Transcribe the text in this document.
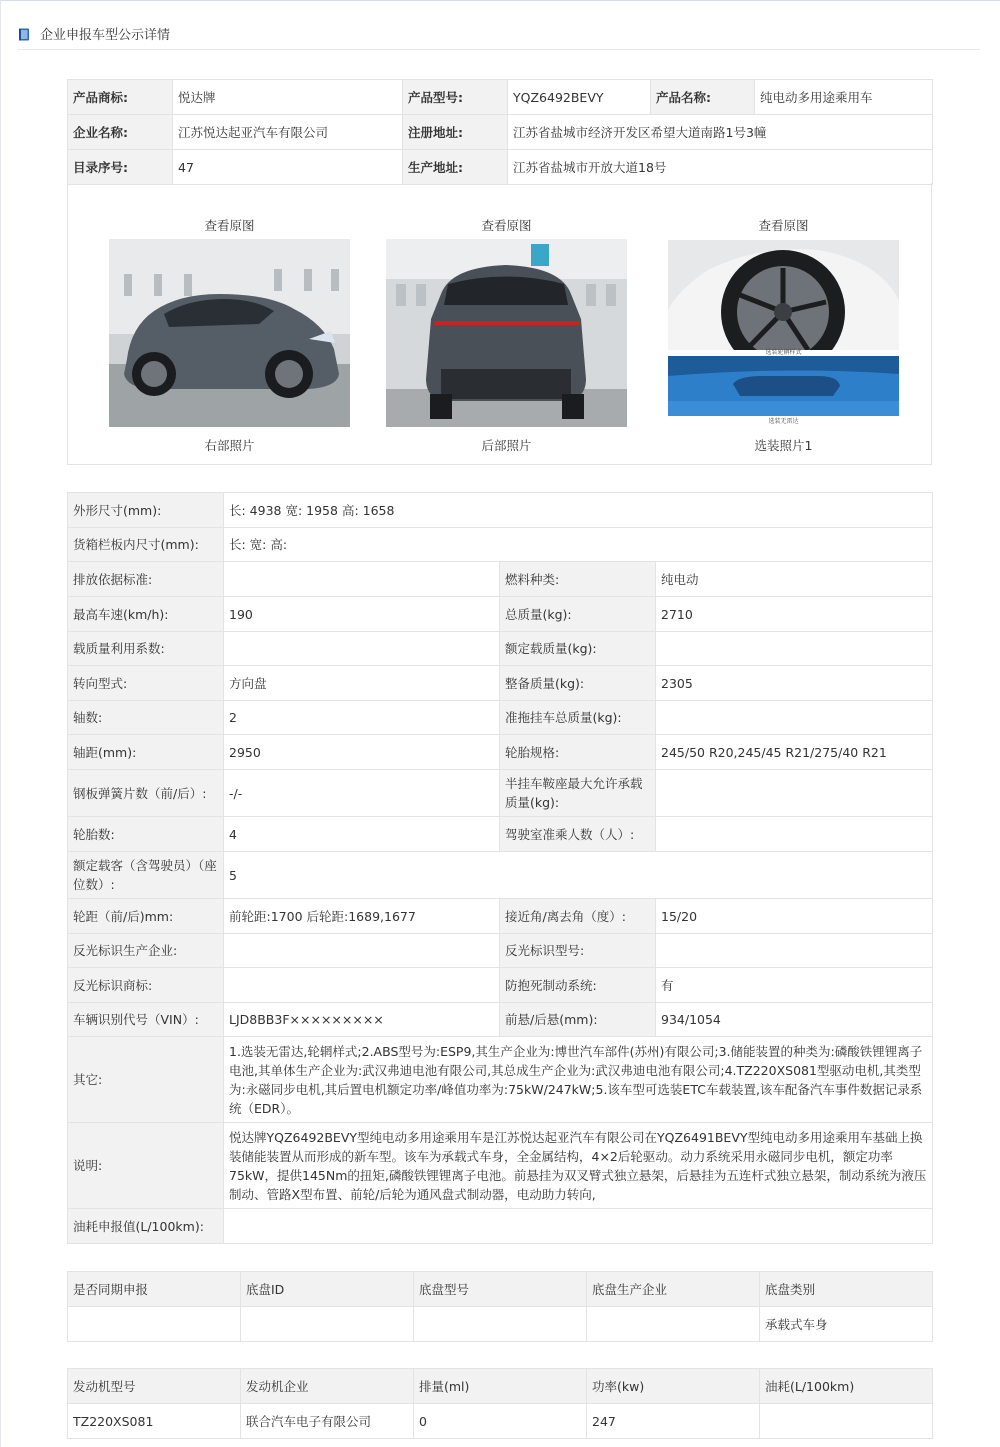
企业申报车型公示详情
产品商标:	悦达牌	产品型号:	YQZ6492BEVY	产品名称:	纯电动多用途乘用车
企业名称:	江苏悦达起亚汽车有限公司	注册地址:	江苏省盐城市经济开发区希望大道南路1号3幢		
目录序号:	47	生产地址:	江苏省盐城市开放大道18号		
查看原图
右部照片
查看原图
后部照片
查看原图
选装轮辋样式
选装无雷达
选装照片1
外形尺寸(mm):	长: 4938 宽: 1958 高: 1658		
货箱栏板内尺寸(mm):	长: 宽: 高:		
排放依据标准:		燃料种类:	纯电动
最高车速(km/h):	190	总质量(kg):	2710
载质量利用系数:		额定载质量(kg):	
转向型式:	方向盘	整备质量(kg):	2305
轴数:	2	准拖挂车总质量(kg):	
轴距(mm):	2950	轮胎规格:	245/50 R20,245/45 R21/275/40 R21
钢板弹簧片数（前/后）:	-/-	半挂车鞍座最大允许承载质量(kg):	
轮胎数:	4	驾驶室准乘人数（人）:	
额定载客（含驾驶员）（座位数）:	5		
轮距（前/后)mm:	前轮距:1700 后轮距:1689,1677	接近角/离去角（度）:	15/20
反光标识生产企业:		反光标识型号:	
反光标识商标:		防抱死制动系统:	有
车辆识别代号（VIN）:	LJD8BB3F×××××××××	前悬/后悬(mm):	934/1054
其它:	1.选装无雷达,轮辋样式;2.ABS型号为:ESP9,其生产企业为:博世汽车部件(苏州)有限公司;3.储能装置的种类为:磷酸铁锂锂离子电池,其单体生产企业为:武汉弗迪电池有限公司,其总成生产企业为:武汉弗迪电池有限公司;4.TZ220XS081型驱动电机,其类型为:永磁同步电机,其后置电机额定功率/峰值功率为:75kW/247kW;5.该车型可选装ETC车载装置,该车配备汽车事件数据记录系统（EDR）。		
说明:	悦达牌YQZ6492BEVY型纯电动多用途乘用车是江苏悦达起亚汽车有限公司在YQZ6491BEVY型纯电动多用途乘用车基础上换装储能装置从而形成的新车型。该车为承载式车身，全金属结构，4×2后轮驱动。动力系统采用永磁同步电机，额定功率75kW，提供145Nm的扭矩,磷酸铁锂锂离子电池。前悬挂为双叉臂式独立悬架，后悬挂为五连杆式独立悬架，制动系统为液压制动、管路X型布置、前轮/后轮为通风盘式制动器，电动助力转向,		
油耗申报值(L/100km):			
是否同期申报	底盘ID	底盘型号	底盘生产企业	底盘类别
				承载式车身
发动机型号	发动机企业	排量(ml)	功率(kw)	油耗(L/100km)
TZ220XS081	联合汽车电子有限公司	0	247	
